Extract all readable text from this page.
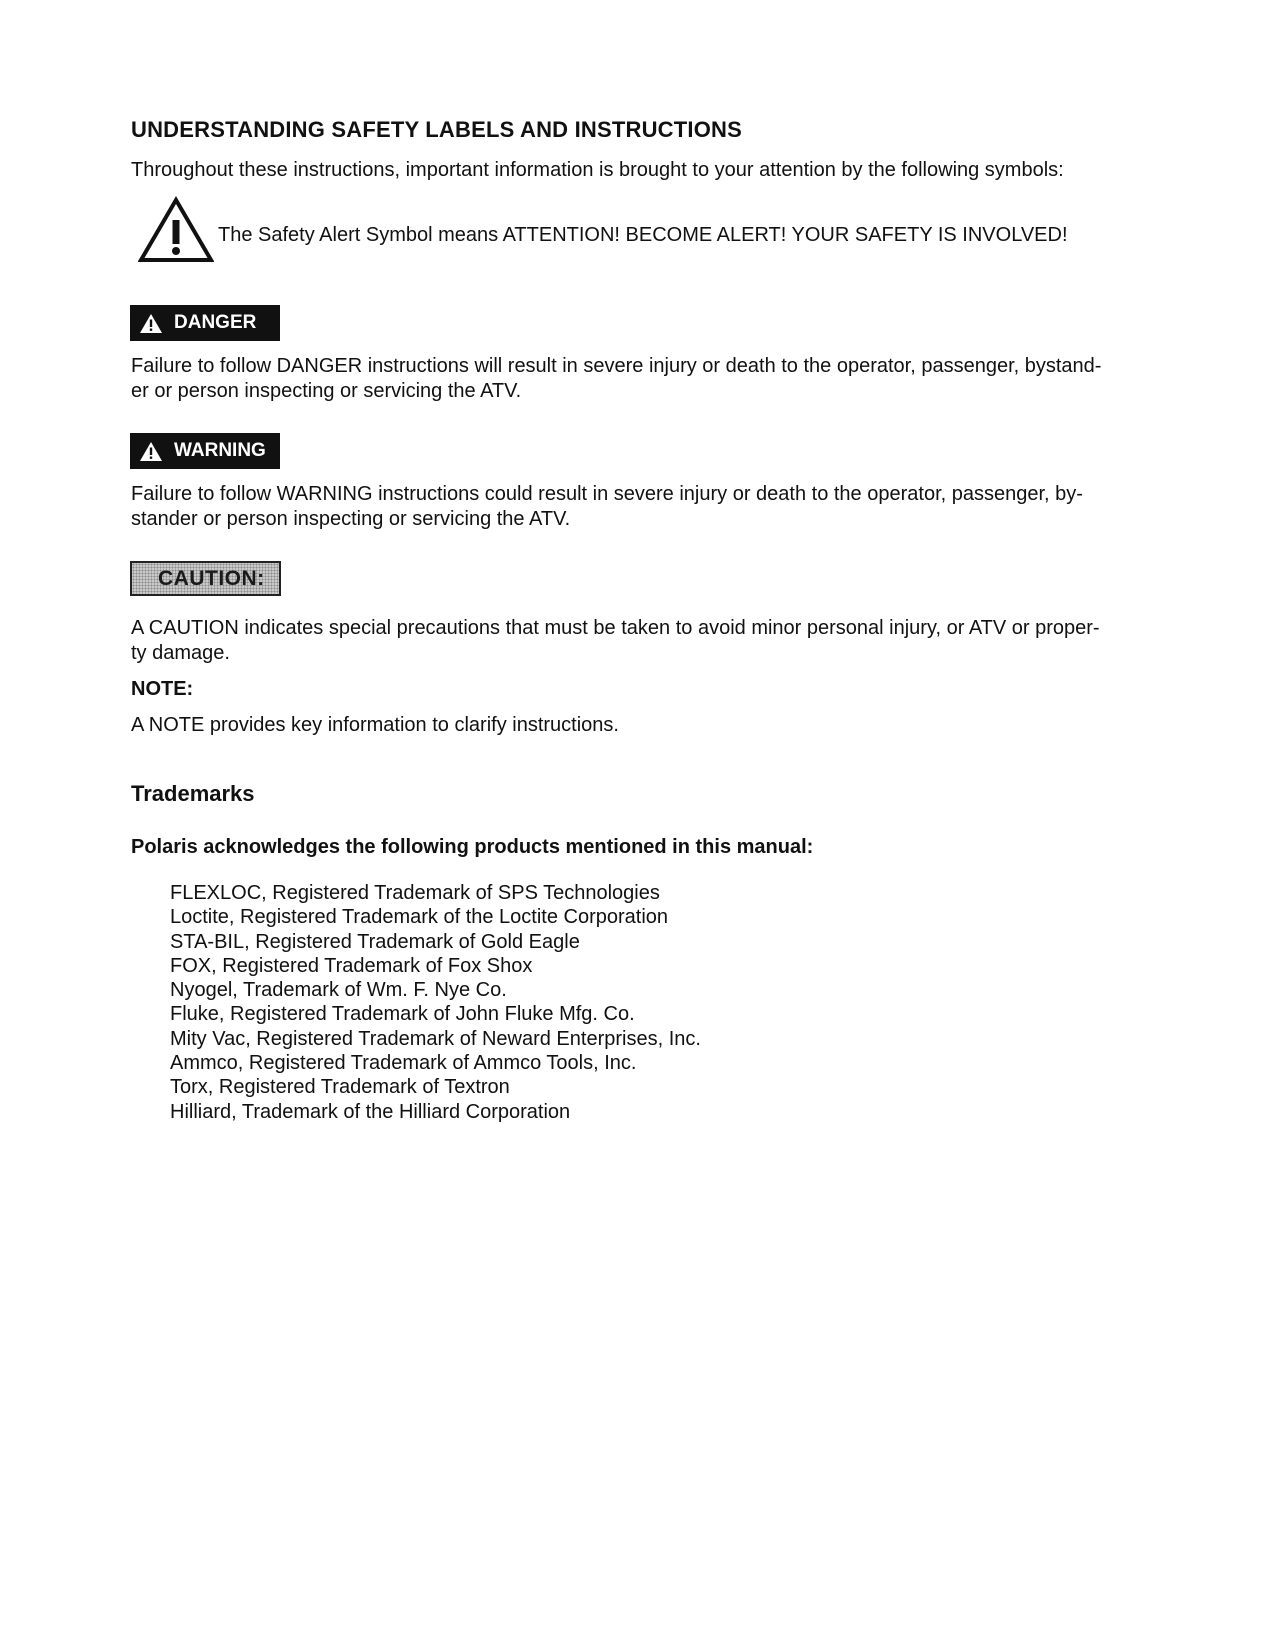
UNDERSTANDING SAFETY LABELS AND INSTRUCTIONS
Throughout these instructions, important information is brought to your attention by the following symbols:
The Safety Alert Symbol means ATTENTION! BECOME ALERT! YOUR SAFETY IS INVOLVED!
DANGER
Failure to follow DANGER instructions will result in severe injury or death to the operator, passenger, bystand-er or person inspecting or servicing the ATV.
WARNING
Failure to follow WARNING instructions could result in severe injury or death to the operator, passenger, by-stander or person inspecting or servicing the ATV.
CAUTION:
A CAUTION indicates special precautions that must be taken to avoid minor personal injury, or ATV or proper-ty damage.
NOTE:
A NOTE provides key information to clarify instructions.
Trademarks
Polaris acknowledges the following products mentioned in this manual:
FLEXLOC, Registered Trademark of SPS Technologies
Loctite, Registered Trademark of the Loctite Corporation
STA-BIL, Registered Trademark of Gold Eagle
FOX, Registered Trademark of Fox Shox
Nyogel, Trademark of Wm. F. Nye Co.
Fluke, Registered Trademark of John Fluke Mfg. Co.
Mity Vac, Registered Trademark of Neward Enterprises, Inc.
Ammco, Registered Trademark of Ammco Tools, Inc.
Torx, Registered Trademark of Textron
Hilliard, Trademark of the Hilliard Corporation
